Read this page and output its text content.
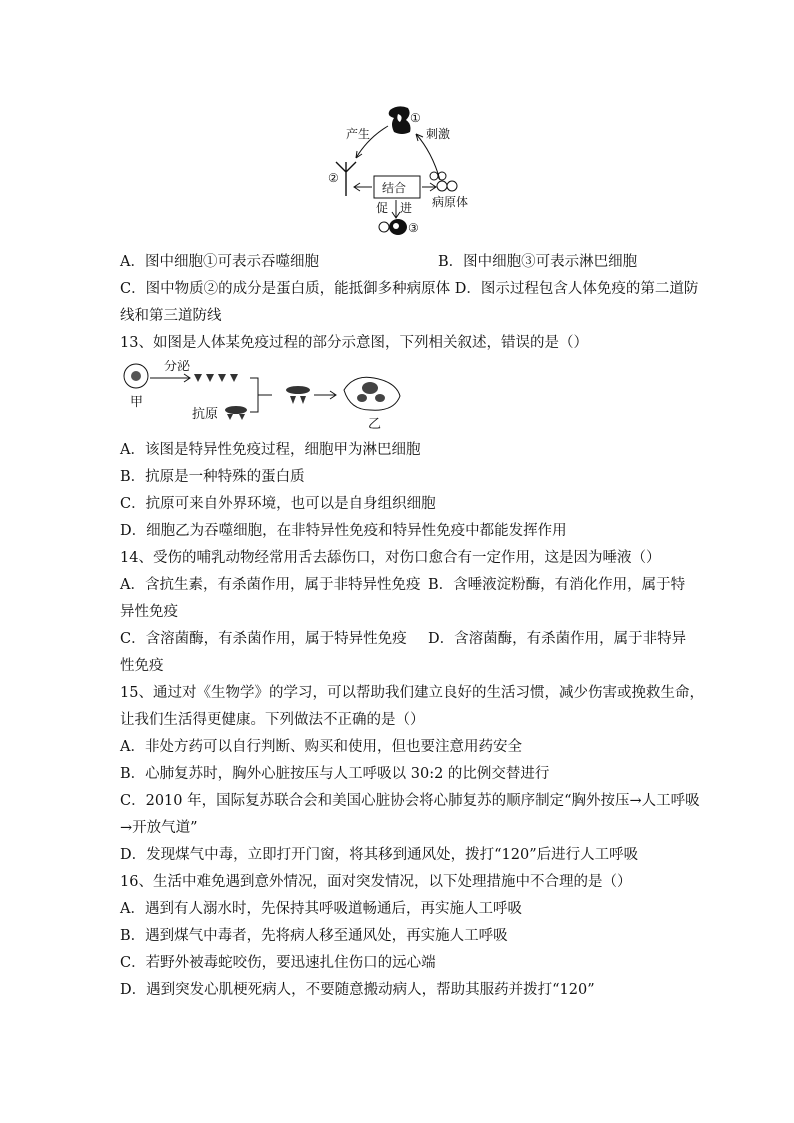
①
产生	刺激
②
结合
病原体
促 进
③
A．图中细胞①可表示吞噬细胞	B．图中细胞③可表示淋巴细胞
C．图中物质②的成分是蛋白质，能抵御多种病原体 D．图示过程包含人体免疫的第二道防
线和第三道防线
13、如图是人体某免疫过程的部分示意图，下列相关叙述，错误的是（）
甲
分泌
抗原
乙
A．该图是特异性免疫过程，细胞甲为淋巴细胞
B．抗原是一种特殊的蛋白质
C．抗原可来自外界环境，也可以是自身组织细胞
D．细胞乙为吞噬细胞，在非特异性免疫和特异性免疫中都能发挥作用
14、受伤的哺乳动物经常用舌去舔伤口，对伤口愈合有一定作用，这是因为唾液（）
A．含抗生素，有杀菌作用，属于非特异性免疫 B．含唾液淀粉酶，有消化作用，属于特
异性免疫
C．含溶菌酶，有杀菌作用，属于特异性免疫 D．含溶菌酶，有杀菌作用，属于非特异
性免疫
15、通过对《生物学》的学习，可以帮助我们建立良好的生活习惯，减少伤害或挽救生命，
让我们生活得更健康。下列做法不正确的是（）
A．非处方药可以自行判断、购买和使用，但也要注意用药安全
B．心肺复苏时，胸外心脏按压与人工呼吸以 30:2 的比例交替进行
C．2010 年，国际复苏联合会和美国心脏协会将心肺复苏的顺序制定“胸外按压→人工呼吸
→开放气道”
D．发现煤气中毒，立即打开门窗，将其移到通风处，拨打“120”后进行人工呼吸
16、生活中难免遇到意外情况，面对突发情况，以下处理措施中不合理的是（）
A．遇到有人溺水时，先保持其呼吸道畅通后，再实施人工呼吸
B．遇到煤气中毒者，先将病人移至通风处，再实施人工呼吸
C．若野外被毒蛇咬伤，要迅速扎住伤口的远心端
D．遇到突发心肌梗死病人，不要随意搬动病人，帮助其服药并拨打“120”
